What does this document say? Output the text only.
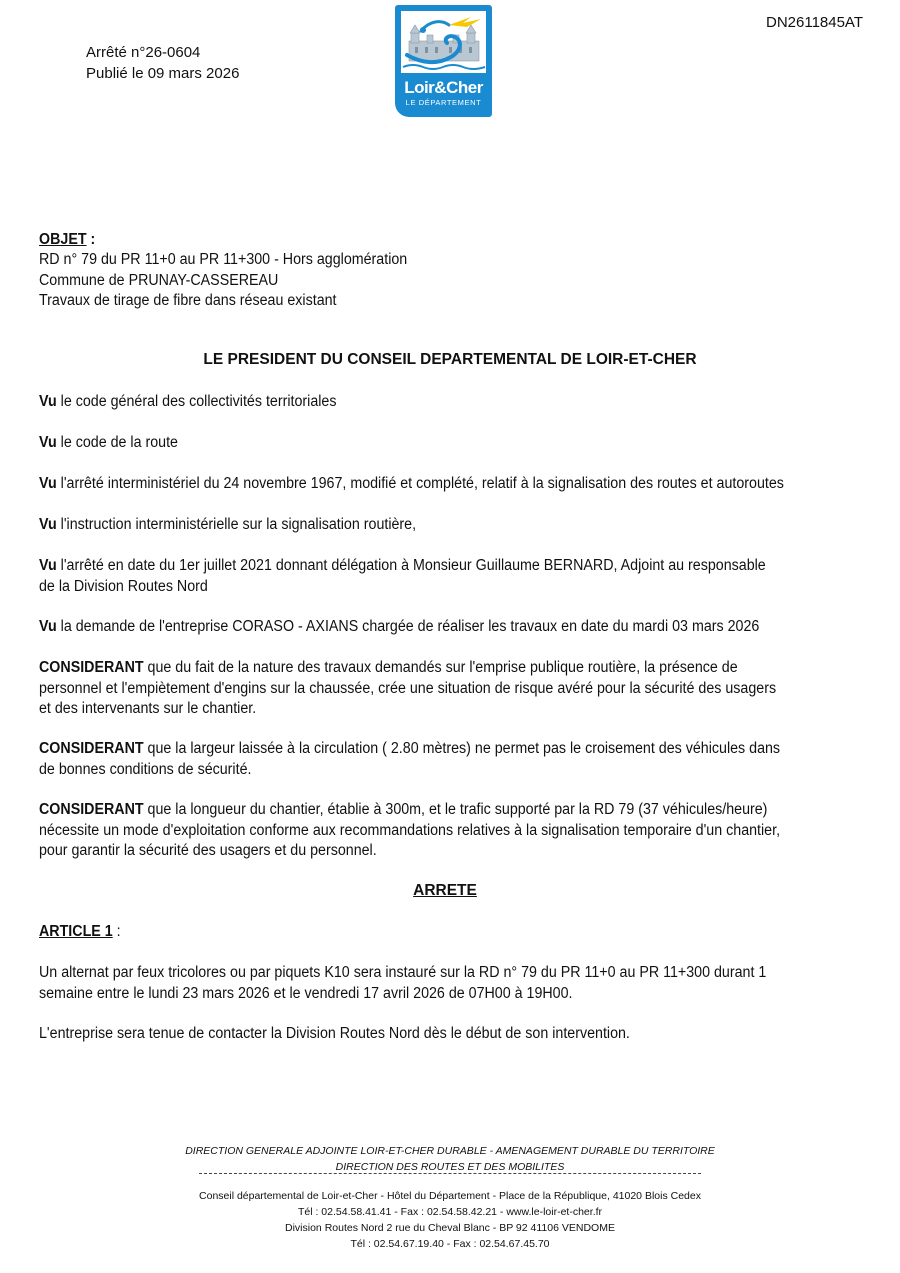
DN2611845AT
Arrêté n°26-0604
Publié le 09 mars 2026
Loir&Cher
LE DÉPARTEMENT
OBJET :
RD n° 79 du PR 11+0 au PR 11+300 - Hors agglomération
Commune de PRUNAY-CASSEREAU
Travaux de tirage de fibre dans réseau existant
LE PRESIDENT DU CONSEIL DEPARTEMENTAL DE LOIR-ET-CHER
Vu le code général des collectivités territoriales
Vu le code de la route
Vu l'arrêté interministériel du 24 novembre 1967, modifié et complété, relatif à la signalisation des routes et autoroutes
Vu l'instruction interministérielle sur la signalisation routière,
Vu l'arrêté en date du 1er juillet 2021 donnant délégation à Monsieur Guillaume BERNARD, Adjoint au responsable de la Division Routes Nord
Vu la demande de l'entreprise CORASO - AXIANS chargée de réaliser les travaux en date du mardi 03 mars 2026
CONSIDERANT que du fait de la nature des travaux demandés sur l'emprise publique routière, la présence de personnel et l'empiètement d'engins sur la chaussée, crée une situation de risque avéré pour la sécurité des usagers et des intervenants sur le chantier.
CONSIDERANT que la largeur laissée à la circulation ( 2.80 mètres) ne permet pas le croisement des véhicules dans de bonnes conditions de sécurité.
CONSIDERANT que la longueur du chantier, établie à 300m, et le trafic supporté par la RD 79 (37 véhicules/heure) nécessite un mode d'exploitation conforme aux recommandations relatives à la signalisation temporaire d'un chantier, pour garantir la sécurité des usagers et du personnel.
ARRETE
ARTICLE 1 :
Un alternat par feux tricolores ou par piquets K10 sera instauré sur la RD n° 79 du PR 11+0 au PR 11+300 durant 1 semaine entre le lundi 23 mars 2026 et le vendredi 17 avril 2026 de 07H00 à 19H00.
L'entreprise sera tenue de contacter la Division Routes Nord dès le début de son intervention.
DIRECTION GENERALE ADJOINTE LOIR-ET-CHER DURABLE - AMENAGEMENT DURABLE DU TERRITOIRE
DIRECTION DES ROUTES ET DES MOBILITES
Conseil départemental de Loir-et-Cher - Hôtel du Département - Place de la République, 41020 Blois Cedex
Tél : 02.54.58.41.41 - Fax : 02.54.58.42.21 - www.le-loir-et-cher.fr
Division Routes Nord 2 rue du Cheval Blanc - BP 92 41106 VENDOME
Tél : 02.54.67.19.40 - Fax : 02.54.67.45.70
